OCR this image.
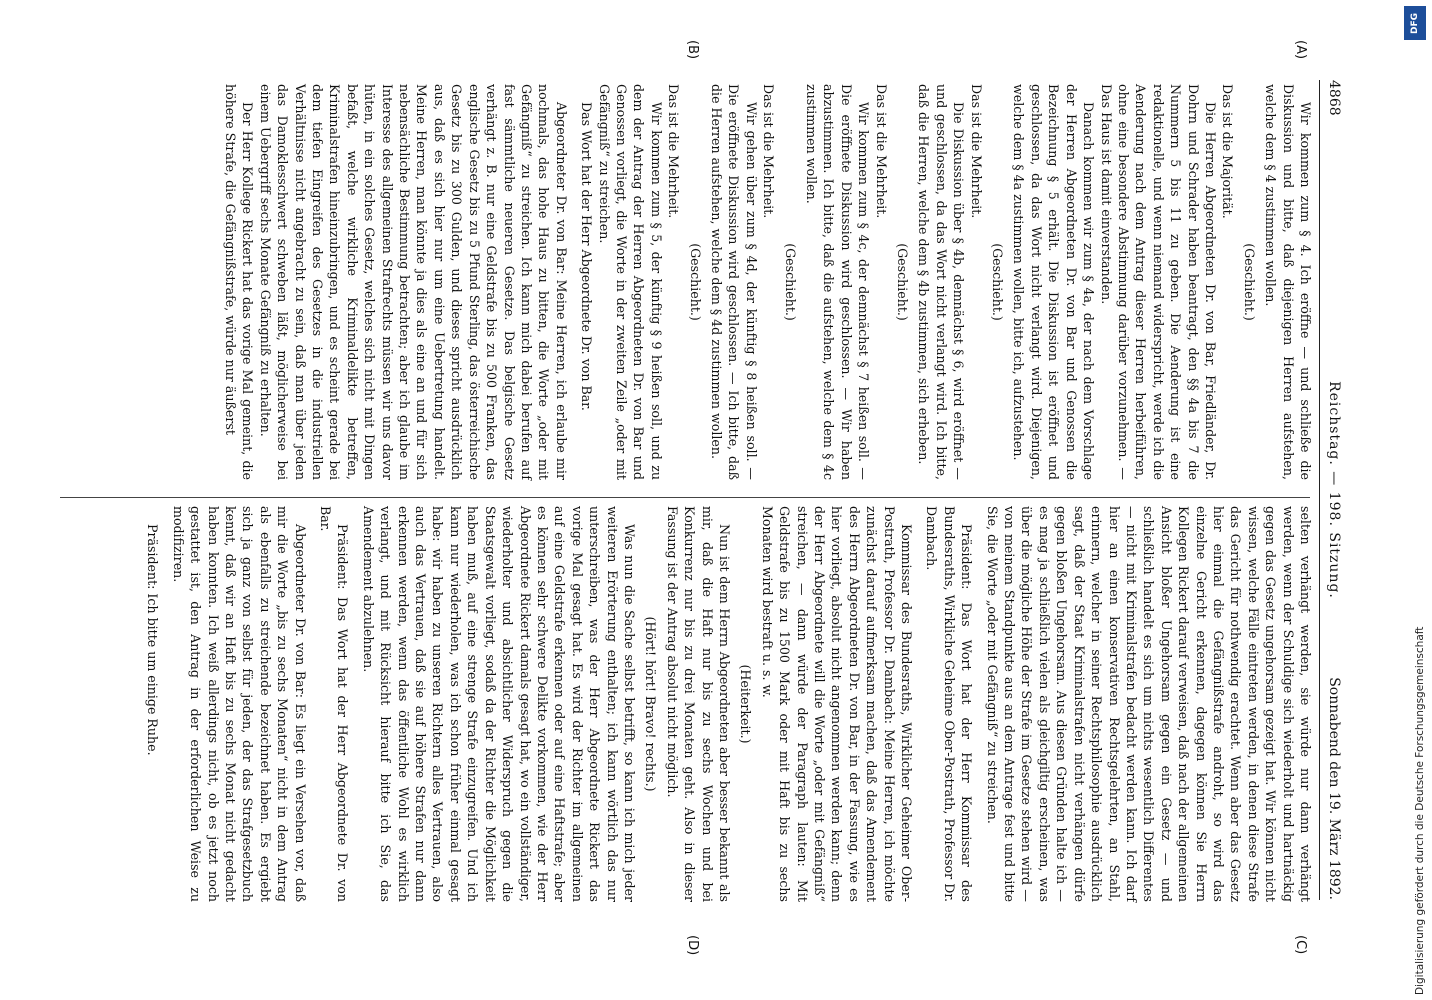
4868
Reichstag. — 198. Sitzung.
Sonnabend den 19. März 1892.
(A)
(B)
(C)
(D)

Wir kommen zum § 4. Ich eröffne — und schließe die Diskussion und bitte, daß diejenigen Herren aufstehen, welche dem § 4 zustimmen wollen.

(Geschieht.)

Das ist die Majorität.

Die Herren Abgeordneten Dr. von Bar, Friedländer, Dr. Dohrn und Schrader haben beantragt, den §§ 4a bis 7 die Nummern 5 bis 11 zu geben. Die Aenderung ist eine redaktionelle, und wenn niemand widerspricht, werde ich die Aenderung nach dem Antrag dieser Herren herbeiführen, ohne eine besondere Abstimmung darüber vorzunehmen. — Das Haus ist damit einverstanden.

Danach kommen wir zum § 4a, der nach dem Vorschlage der Herren Abgeordneten Dr. von Bar und Genossen die Bezeichnung § 5 erhält. Die Diskussion ist eröffnet und geschlossen, da das Wort nicht verlangt wird. Diejenigen, welche dem § 4a zustimmen wollen, bitte ich, aufzustehen.

(Geschieht.)

Das ist die Mehrheit.

Die Diskussion über § 4b, demnächst § 6, wird eröffnet — und geschlossen, da das Wort nicht verlangt wird. Ich bitte, daß die Herren, welche dem § 4b zustimmen, sich erheben.

(Geschieht.)

Das ist die Mehrheit.

Wir kommen zum § 4c, der demnächst § 7 heißen soll. — Die eröffnete Diskussion wird geschlossen. — Wir haben abzustimmen. Ich bitte, daß die aufstehen, welche dem § 4c zustimmen wollen.

(Geschieht.)

Das ist die Mehrheit.

Wir gehen über zum § 4d, der künftig § 8 heißen soll. — Die eröffnete Diskussion wird geschlossen. — Ich bitte, daß die Herren aufstehen, welche dem § 4d zustimmen wollen.

(Geschieht.)

Das ist die Mehrheit.

Wir kommen zum § 5, der künftig § 9 heißen soll, und zu dem der Antrag der Herren Abgeordneten Dr. von Bar und Genossen vorliegt, die Worte in der zweiten Zeile „oder mit Gefängniß“ zu streichen.

Das Wort hat der Herr Abgeordnete Dr. von Bar.

Abgeordneter Dr. von Bar: Meine Herren, ich erlaube mir nochmals, das hohe Haus zu bitten, die Worte „oder mit Gefängniß“ zu streichen. Ich kann mich dabei berufen auf fast sämmtliche neueren Gesetze. Das belgische Gesetz verhängt z. B. nur eine Geldstrafe bis zu 500 Franken, das englische Gesetz bis zu 5 Pfund Sterling, das österreichische Gesetz bis zu 300 Gulden, und dieses spricht ausdrücklich aus, daß es sich hier nur um eine Uebertretung handelt. Meine Herren, man könnte ja dies als eine an und für sich nebensächliche Bestimmung betrachten; aber ich glaube im Interesse des allgemeinen Strafrechts müssen wir uns davor hüten, in ein solches Gesetz, welches sich nicht mit Dingen befaßt, welche wirkliche Kriminaldelikte betreffen, Kriminalstrafen hineinzubringen, und es scheint gerade bei dem tiefen Eingreifen des Gesetzes in die industriellen Verhältnisse nicht angebracht zu sein, daß man über jeden das Damoklesschwert schweben läßt, möglicherweise bei einem Uebergriff sechs Monate Gefängniß zu erhalten.

Der Herr Kollege Rickert hat das vorige Mal gemeint, die höhere Strafe, die Gefängnißstrafe, würde nur äußerst

selten verhängt werden, sie würde nur dann verhängt werden, wenn der Schuldige sich wiederholt und hartnäckig gegen das Gesetz ungehorsam gezeigt hat. Wir können nicht wissen, welche Fälle eintreten werden, in denen diese Strafe das Gericht für nothwendig erachtet. Wenn aber das Gesetz hier einmal die Gefängnißstrafe androht, so wird das einzelne Gericht erkennen, dagegen können Sie Herrn Kollegen Rickert darauf verweisen, daß nach der allgemeinen Ansicht bloßer Ungehorsam gegen ein Gesetz — und schließlich handelt es sich um nichts wesentlich Differentes — nicht mit Kriminalstrafen bedacht werden kann. Ich darf hier an einen konservativen Rechtsgelehrten, an Stahl, erinnern, welcher in seiner Rechtsphilosophie ausdrücklich sagt, daß der Staat Kriminalstrafen nicht verhängen dürfe gegen bloßen Ungehorsam. Aus diesen Gründen halte ich — es mag ja schließlich vielen als gleichgiltig erscheinen, was über die mögliche Höhe der Strafe im Gesetze stehen wird — von meinem Standpunkte aus an dem Antrage fest und bitte Sie, die Worte „oder mit Gefängniß“ zu streichen.

Präsident: Das Wort hat der Herr Kommissar des Bundesraths, Wirkliche Geheime Ober-Postrath, Professor Dr. Dambach.

Kommissar des Bundesraths, Wirklicher Geheimer Ober-Postrath, Professor Dr. Dambach: Meine Herren, ich möchte zunächst darauf aufmerksam machen, daß das Amendement des Herrn Abgeordneten Dr. von Bar, in der Fassung, wie es hier vorliegt, absolut nicht angenommen werden kann; denn der Herr Abgeordnete will die Worte „oder mit Gefängniß“ streichen, — dann würde der Paragraph lauten: Mit Geldstrafe bis zu 1500 Mark oder mit Haft bis zu sechs Monaten wird bestraft u. s. w.

(Heiterkeit.)

Nun ist dem Herrn Abgeordneten aber besser bekannt als mir, daß die Haft nur bis zu sechs Wochen und bei Konkurrenz nur bis zu drei Monaten geht. Also in dieser Fassung ist der Antrag absolut nicht möglich.

(Hört! hört! Bravo! rechts.)

Was nun die Sache selbst betrifft, so kann ich mich jeder weiteren Erörterung enthalten; ich kann wörtlich das nur unterschreiben, was der Herr Abgeordnete Rickert das vorige Mal gesagt hat. Es wird der Richter im allgemeinen auf eine Geldstrafe erkennen oder auf eine Haftstrafe; aber es können sehr schwere Delikte vorkommen, wie der Herr Abgeordnete Rickert damals gesagt hat, wo ein vollständiger, wiederholter und absichtlicher Widerspruch gegen die Staatsgewalt vorliegt, sodaß da der Richter die Möglichkeit haben muß, auf eine strenge Strafe einzugreifen. Und ich kann nur wiederholen, was ich schon früher einmal gesagt habe: wir haben zu unseren Richtern alles Vertrauen, also auch das Vertrauen, daß sie auf höhere Strafen nur dann erkennen werden, wenn das öffentliche Wohl es wirklich verlangt, und mit Rücksicht hierauf bitte ich Sie, das Amendement abzulehnen.

Präsident: Das Wort hat der Herr Abgeordnete Dr. von Bar.

Abgeordneter Dr. von Bar: Es liegt ein Versehen vor, daß mir die Worte „bis zu sechs Monaten“ nicht in dem Antrag als ebenfalls zu streichende bezeichnet haben. Es ergiebt sich ja ganz von selbst für jeden, der das Strafgesetzbuch kennt, daß wir an Haft bis zu sechs Monat nicht gedacht haben konnten. Ich weiß allerdings nicht, ob es jetzt noch gestattet ist, den Antrag in der erforderlichen Weise zu modifiziren.

Präsident: Ich bitte um einige Ruhe.

DFG
Digitalisierung gefördert durch die Deutsche Forschungsgemeinschaft
